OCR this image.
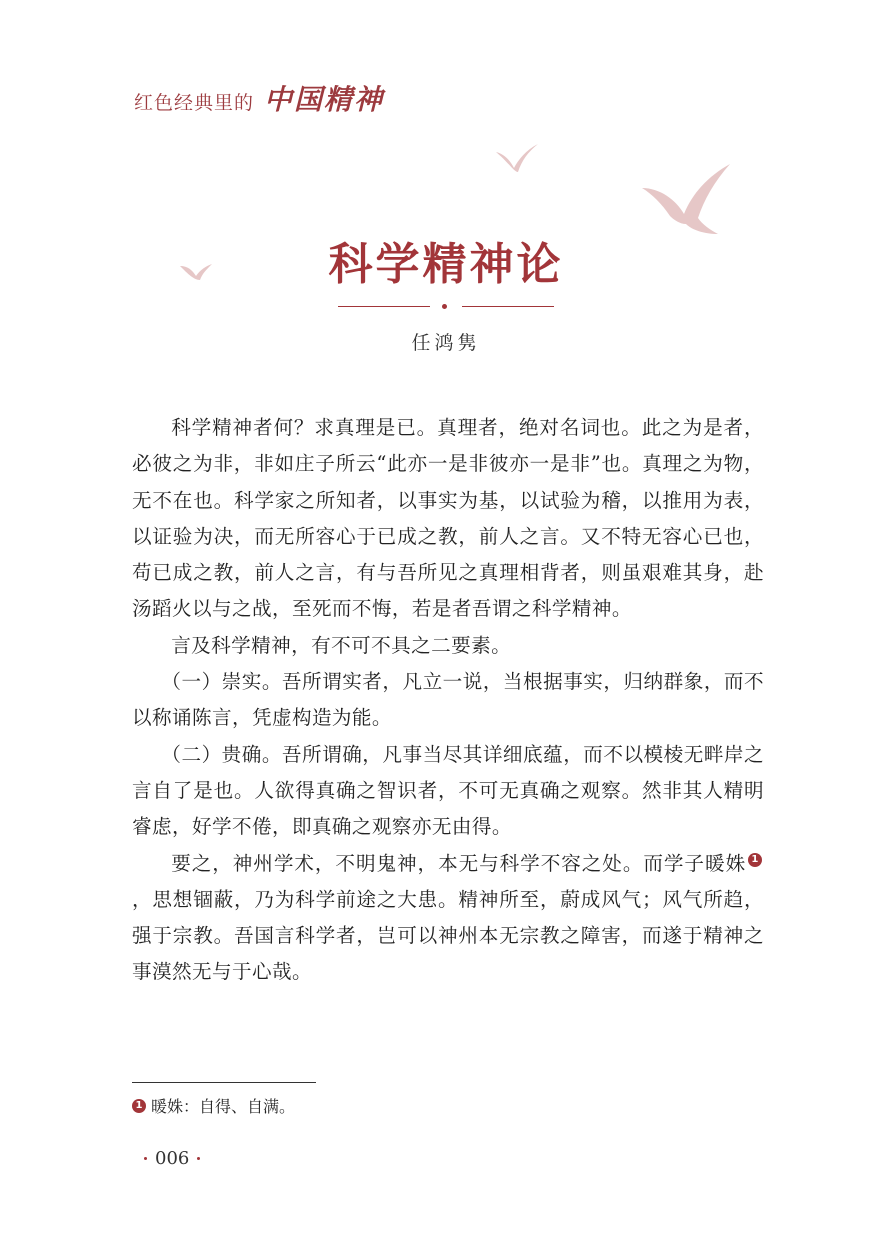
红色经典里的 中国精神
科学精神论
任鸿隽

科学精神者何？求真理是已。真理者，绝对名词也。此之为是者，必彼之为非，非如庄子所云“此亦一是非彼亦一是非”也。真理之为物，无不在也。科学家之所知者，以事实为基，以试验为稽，以推用为表，以证验为决，而无所容心于已成之教，前人之言。又不特无容心已也，苟已成之教，前人之言，有与吾所见之真理相背者，则虽艰难其身，赴汤蹈火以与之战，至死而不悔，若是者吾谓之科学精神。

言及科学精神，有不可不具之二要素。

（一）崇实。吾所谓实者，凡立一说，当根据事实，归纳群象，而不以称诵陈言，凭虚构造为能。

（二）贵确。吾所谓确，凡事当尽其详细底蕴，而不以模棱无畔岸之言自了是也。人欲得真确之智识者，不可无真确之观察。然非其人精明睿虑，好学不倦，即真确之观察亦无由得。

要之，神州学术，不明鬼神，本无与科学不容之处。而学子暖姝 1，思想锢蔽，乃为科学前途之大患。精神所至，蔚成风气；风气所趋，强于宗教。吾国言科学者，岂可以神州本无宗教之障害，而遂于精神之事漠然无与于心哉。

1 暖姝：自得、自满。
006
